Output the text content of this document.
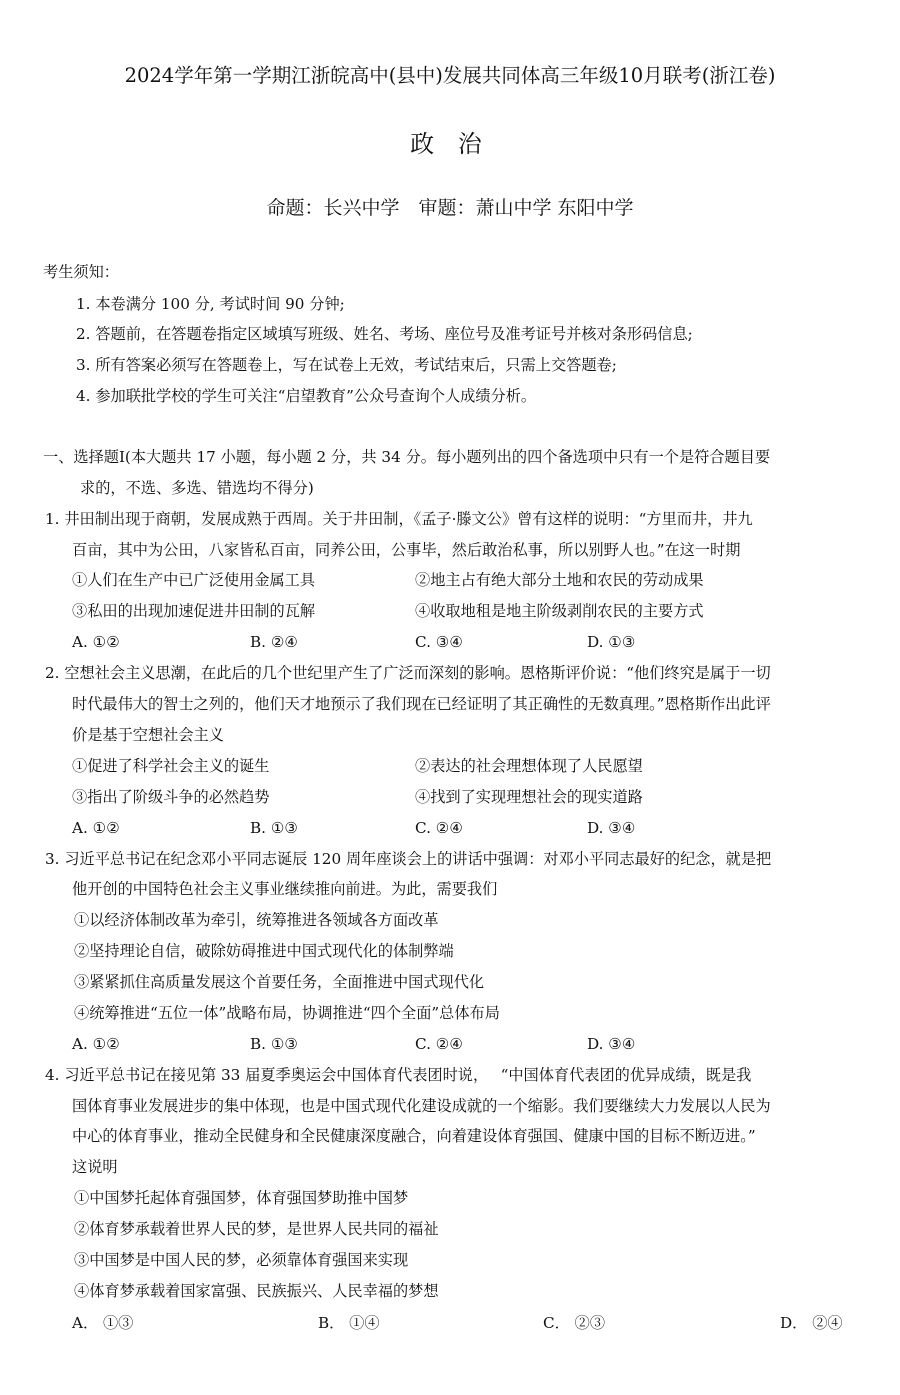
2024学年第一学期江浙皖高中(县中)发展共同体高三年级10月联考(浙江卷)
政 治
命题：长兴中学　审题：萧山中学 东阳中学
考生须知：
1. 本卷满分 100 分, 考试时间 90 分钟;
2. 答题前，在答题卷指定区域填写班级、姓名、考场、座位号及准考证号并核对条形码信息;
3. 所有答案必须写在答题卷上，写在试卷上无效，考试结束后，只需上交答题卷;
4. 参加联批学校的学生可关注“启望教育”公众号查询个人成绩分析。
一、选择题Ⅰ(本大题共 17 小题，每小题 2 分，共 34 分。每小题列出的四个备选项中只有一个是符合题目要
求的，不选、多选、错选均不得分)
1. 井田制出现于商朝，发展成熟于西周。关于井田制，《孟子·滕文公》曾有这样的说明：“方里而井，井九
百亩，其中为公田，八家皆私百亩，同养公田，公事毕，然后敢治私事，所以别野人也。”在这一时期
①人们在生产中已广泛使用金属工具	②地主占有绝大部分土地和农民的劳动成果
③私田的出现加速促进井田制的瓦解	④收取地租是地主阶级剥削农民的主要方式
A. ①②	B. ②④	C. ③④	D. ①③
2. 空想社会主义思潮，在此后的几个世纪里产生了广泛而深刻的影响。恩格斯评价说：“他们终究是属于一切
时代最伟大的智士之列的，他们天才地预示了我们现在已经证明了其正确性的无数真理。”恩格斯作出此评
价是基于空想社会主义
①促进了科学社会主义的诞生	②表达的社会理想体现了人民愿望
③指出了阶级斗争的必然趋势	④找到了实现理想社会的现实道路
A. ①②	B. ①③	C. ②④	D. ③④
3. 习近平总书记在纪念邓小平同志诞辰 120 周年座谈会上的讲话中强调：对邓小平同志最好的纪念，就是把
他开创的中国特色社会主义事业继续推向前进。为此，需要我们
①以经济体制改革为牵引，统筹推进各领域各方面改革
②坚持理论自信，破除妨碍推进中国式现代化的体制弊端
③紧紧抓住高质量发展这个首要任务，全面推进中国式现代化
④统筹推进“五位一体”战略布局，协调推进“四个全面”总体布局
A. ①②	B. ①③	C. ②④	D. ③④
4. 习近平总书记在接见第 33 届夏季奥运会中国体育代表团时说，　 “中国体育代表团的优异成绩，既是我
国体育事业发展进步的集中体现，也是中国式现代化建设成就的一个缩影。我们要继续大力发展以人民为
中心的体育事业，推动全民健身和全民健康深度融合，向着建设体育强国、健康中国的目标不断迈进。”
这说明
①中国梦托起体育强国梦，体育强国梦助推中国梦
②体育梦承载着世界人民的梦，是世界人民共同的福祉
③中国梦是中国人民的梦，必须靠体育强国来实现
④体育梦承载着国家富强、民族振兴、人民幸福的梦想
A． ①③	B． ①④	C． ②③	D． ②④
